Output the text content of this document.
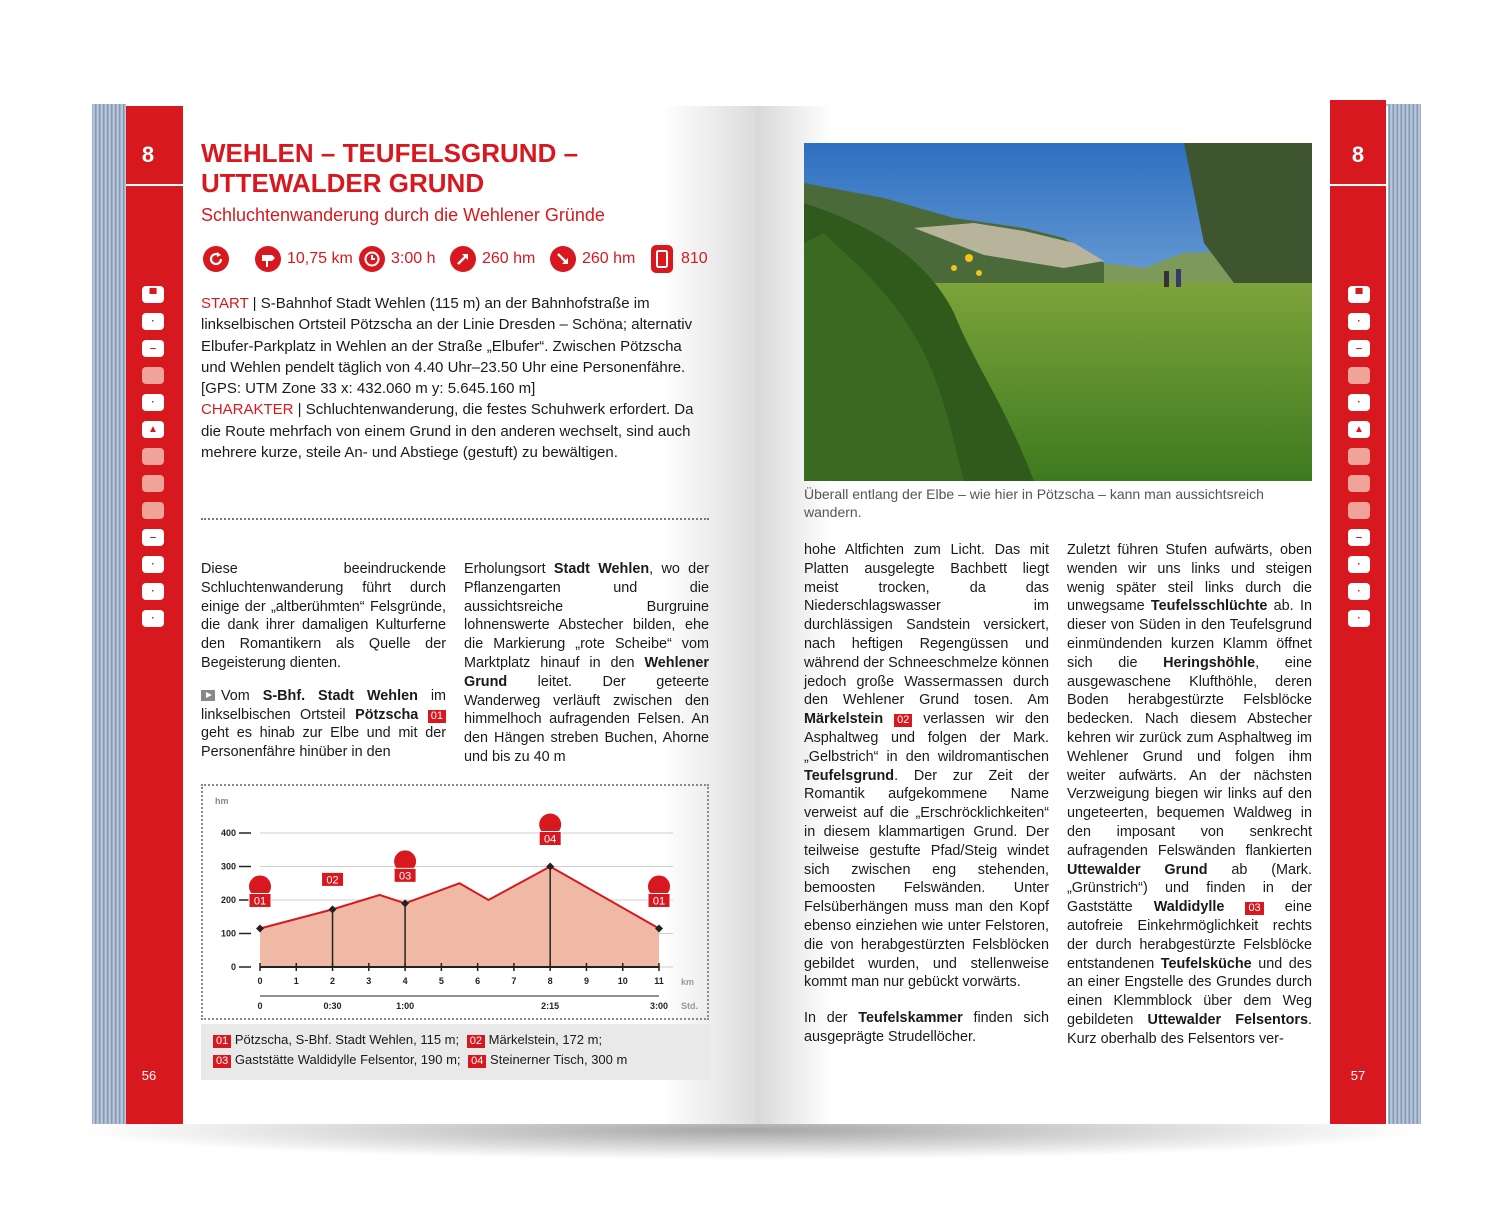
8
▀
·
‒
·
▲
‒
·
·
·
56
8
▀
·
‒
·
▲
‒
·
·
·
57
WEHLEN – TEUFELSGRUND –
UTTEWALDER GRUND
Schluchtenwanderung durch die Wehlener Gründe
10,75 km 3:00 h	260 hm	260 hm	810
START | S-Bahnhof Stadt Wehlen (115 m) an der Bahnhofstraße im linkselbischen Ortsteil Pötzscha an der Linie Dresden – Schöna; alternativ Elbufer-Parkplatz in Wehlen an der Straße „Elbufer“. Zwischen Pötzscha und Wehlen pendelt täglich von 4.40 Uhr–23.50 Uhr eine Personenfähre.
[GPS: UTM Zone 33 x: 432.060 m y: 5.645.160 m]
CHARAKTER | Schluchtenwanderung, die festes Schuhwerk erfordert. Da die Route mehrfach von einem Grund in den anderen wechselt, sind auch mehrere kurze, steile An- und Abstiege (gestuft) zu bewältigen.
Diese beeindruckende Schluchtenwanderung führt durch einige der „altberühmten“ Felsgründe, die dank ihrer damaligen Kulturferne den Romantikern als Quelle der Begeisterung dienten.
Vom S-Bhf. Stadt Wehlen im linkselbischen Ortsteil Pötzscha 01 geht es hinab zur Elbe und mit der Personenfähre hinüber in den
Erholungsort Stadt Wehlen, wo der Pflanzengarten und die aussichtsreiche Burgruine lohnenswerte Abstecher bilden, ehe die Markierung „rote Scheibe“ vom Marktplatz hinauf in den Wehlener Grund leitet. Der geteerte Wanderweg verläuft zwischen den himmelhoch aufragenden Felsen. An den Hängen streben Buchen, Ahorne und bis zu 40 m
hm
0
100
200
300
400
0	1	2	3	4	5	6	7	8	9	10	11 km
0	0:30	1:00	2:15	3:00 Std.
01
02	03
04
01
01 Pötzscha, S-Bhf. Stadt Wehlen, 115 m; 02 Märkelstein, 172 m;
03 Gaststätte Waldidylle Felsentor, 190 m; 04 Steinerner Tisch, 300 m
Überall entlang der Elbe – wie hier in Pötzscha – kann man aussichtsreich wandern.
hohe Altfichten zum Licht. Das mit Platten ausgelegte Bachbett liegt meist trocken, da das Niederschlagswasser im durchlässigen Sandstein versickert, nach heftigen Regengüssen und während der Schneeschmelze können jedoch große Wassermassen durch den Wehlener Grund tosen. Am Märkelstein 02 verlassen wir den Asphaltweg und folgen der Mark. „Gelbstrich“ in den wildromantischen Teufelsgrund. Der zur Zeit der Romantik aufgekommene Name verweist auf die „Erschröcklichkeiten“ in diesem klammartigen Grund. Der teilweise gestufte Pfad/Steig windet sich zwischen eng stehenden, bemoosten Felswänden. Unter Felsüberhängen muss man den Kopf ebenso einziehen wie unter Felstoren, die von herabgestürzten Felsblöcken gebildet wurden, und stellenweise kommt man nur gebückt vorwärts.
In der Teufelskammer finden sich ausgeprägte Strudellöcher.
Zuletzt führen Stufen aufwärts, oben wenden wir uns links und steigen wenig später steil links durch die unwegsame Teufelsschlüchte ab. In dieser von Süden in den Teufelsgrund einmündenden kurzen Klamm öffnet sich die Heringshöhle, eine ausgewaschene Klufthöhle, deren Boden herabgestürzte Felsblöcke bedecken. Nach diesem Abstecher kehren wir zurück zum Asphaltweg im Wehlener Grund und folgen ihm weiter aufwärts. An der nächsten Verzweigung biegen wir links auf den ungeteerten, bequemen Waldweg in den imposant von senkrecht aufragenden Felswänden flankierten Uttewalder Grund ab (Mark. „Grünstrich“) und finden in der Gaststätte Waldidylle 03 eine autofreie Einkehrmöglichkeit rechts der durch herabgestürzte Felsblöcke entstandenen Teufelsküche und des an einer Engstelle des Grundes durch einen Klemmblock über dem Weg gebildeten Uttewalder Felsentors. Kurz oberhalb des Felsentors ver-
